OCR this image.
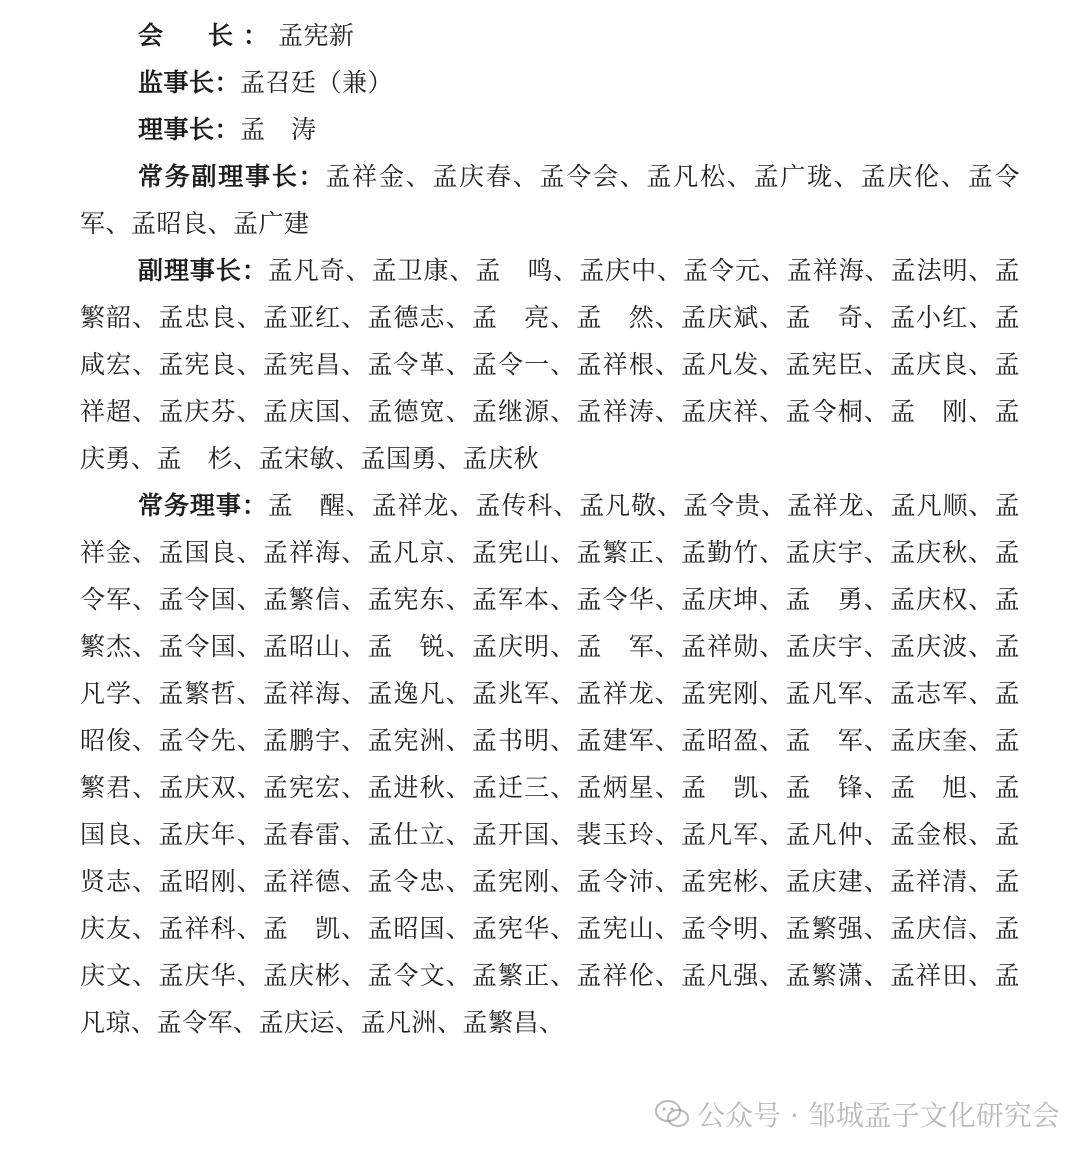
会　长：孟宪新

监事长：孟召廷（兼）

理事长：孟　涛

常务副理事长：孟祥金、孟庆春、孟令会、孟凡松、孟广珑、孟庆伦、孟令军、孟昭良、孟广建

副理事长：孟凡奇、孟卫康、孟　鸣、孟庆中、孟令元、孟祥海、孟法明、孟繁韶、孟忠良、孟亚红、孟德志、孟　亮、孟　然、孟庆斌、孟　奇、孟小红、孟咸宏、孟宪良、孟宪昌、孟令革、孟令一、孟祥根、孟凡发、孟宪臣、孟庆良、孟祥超、孟庆芬、孟庆国、孟德宽、孟继源、孟祥涛、孟庆祥、孟令桐、孟　刚、孟庆勇、孟　杉、孟宋敏、孟国勇、孟庆秋

常务理事：孟　醒、孟祥龙、孟传科、孟凡敬、孟令贵、孟祥龙、孟凡顺、孟祥金、孟国良、孟祥海、孟凡京、孟宪山、孟繁正、孟勤竹、孟庆宇、孟庆秋、孟令军、孟令国、孟繁信、孟宪东、孟军本、孟令华、孟庆坤、孟　勇、孟庆权、孟繁杰、孟令国、孟昭山、孟　锐、孟庆明、孟　军、孟祥勋、孟庆宇、孟庆波、孟凡学、孟繁哲、孟祥海、孟逸凡、孟兆军、孟祥龙、孟宪刚、孟凡军、孟志军、孟昭俊、孟令先、孟鹏宇、孟宪洲、孟书明、孟建军、孟昭盈、孟　军、孟庆奎、孟繁君、孟庆双、孟宪宏、孟进秋、孟迁三、孟炳星、孟　凯、孟　锋、孟　旭、孟国良、孟庆年、孟春雷、孟仕立、孟开国、裴玉玲、孟凡军、孟凡仲、孟金根、孟贤志、孟昭刚、孟祥德、孟令忠、孟宪刚、孟令沛、孟宪彬、孟庆建、孟祥清、孟庆友、孟祥科、孟　凯、孟昭国、孟宪华、孟宪山、孟令明、孟繁强、孟庆信、孟庆文、孟庆华、孟庆彬、孟令文、孟繁正、孟祥伦、孟凡强、孟繁潇、孟祥田、孟凡琼、孟令军、孟庆运、孟凡洲、孟繁昌、

公众号 · 邹城孟子文化研究会
